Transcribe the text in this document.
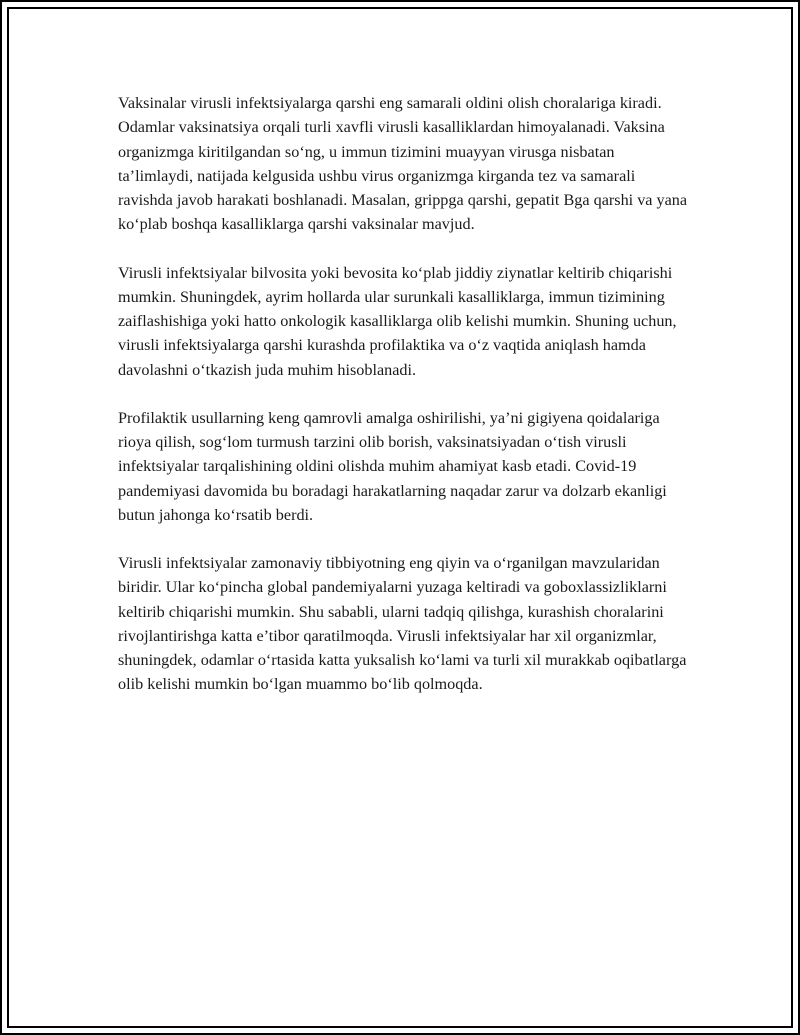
Vaksinalar virusli infektsiyalarga qarshi eng samarali oldini olish choralariga kiradi. Odamlar vaksinatsiya orqali turli xavfli virusli kasalliklardan himoyalanadi. Vaksina organizmga kiritilgandan so‘ng, u immun tizimini muayyan virusga nisbatan ta’limlaydi, natijada kelgusida ushbu virus organizmga kirganda tez va samarali ravishda javob harakati boshlanadi. Masalan, grippga qarshi, gepatit Bga qarshi va yana ko‘plab boshqa kasalliklarga qarshi vaksinalar mavjud.

Virusli infektsiyalar bilvosita yoki bevosita ko‘plab jiddiy ziynatlar keltirib chiqarishi mumkin. Shuningdek, ayrim hollarda ular surunkali kasalliklarga, immun tizimining zaiflashishiga yoki hatto onkologik kasalliklarga olib kelishi mumkin. Shuning uchun, virusli infektsiyalarga qarshi kurashda profilaktika va o‘z vaqtida aniqlash hamda davolashni o‘tkazish juda muhim hisoblanadi.

Profilaktik usullarning keng qamrovli amalga oshirilishi, ya’ni gigiyena qoidalariga rioya qilish, sog‘lom turmush tarzini olib borish, vaksinatsiyadan o‘tish virusli infektsiyalar tarqalishining oldini olishda muhim ahamiyat kasb etadi. Covid-19 pandemiyasi davomida bu boradagi harakatlarning naqadar zarur va dolzarb ekanligi butun jahonga ko‘rsatib berdi.

Virusli infektsiyalar zamonaviy tibbiyotning eng qiyin va o‘rganilgan mavzularidan biridir. Ular ko‘pincha global pandemiyalarni yuzaga keltiradi va goboxlassizliklarni keltirib chiqarishi mumkin. Shu sababli, ularni tadqiq qilishga, kurashish choralarini rivojlantirishga katta e’tibor qaratilmoqda. Virusli infektsiyalar har xil organizmlar, shuningdek, odamlar o‘rtasida katta yuksalish ko‘lami va turli xil murakkab oqibatlarga olib kelishi mumkin bo‘lgan muammo bo‘lib qolmoqda.
